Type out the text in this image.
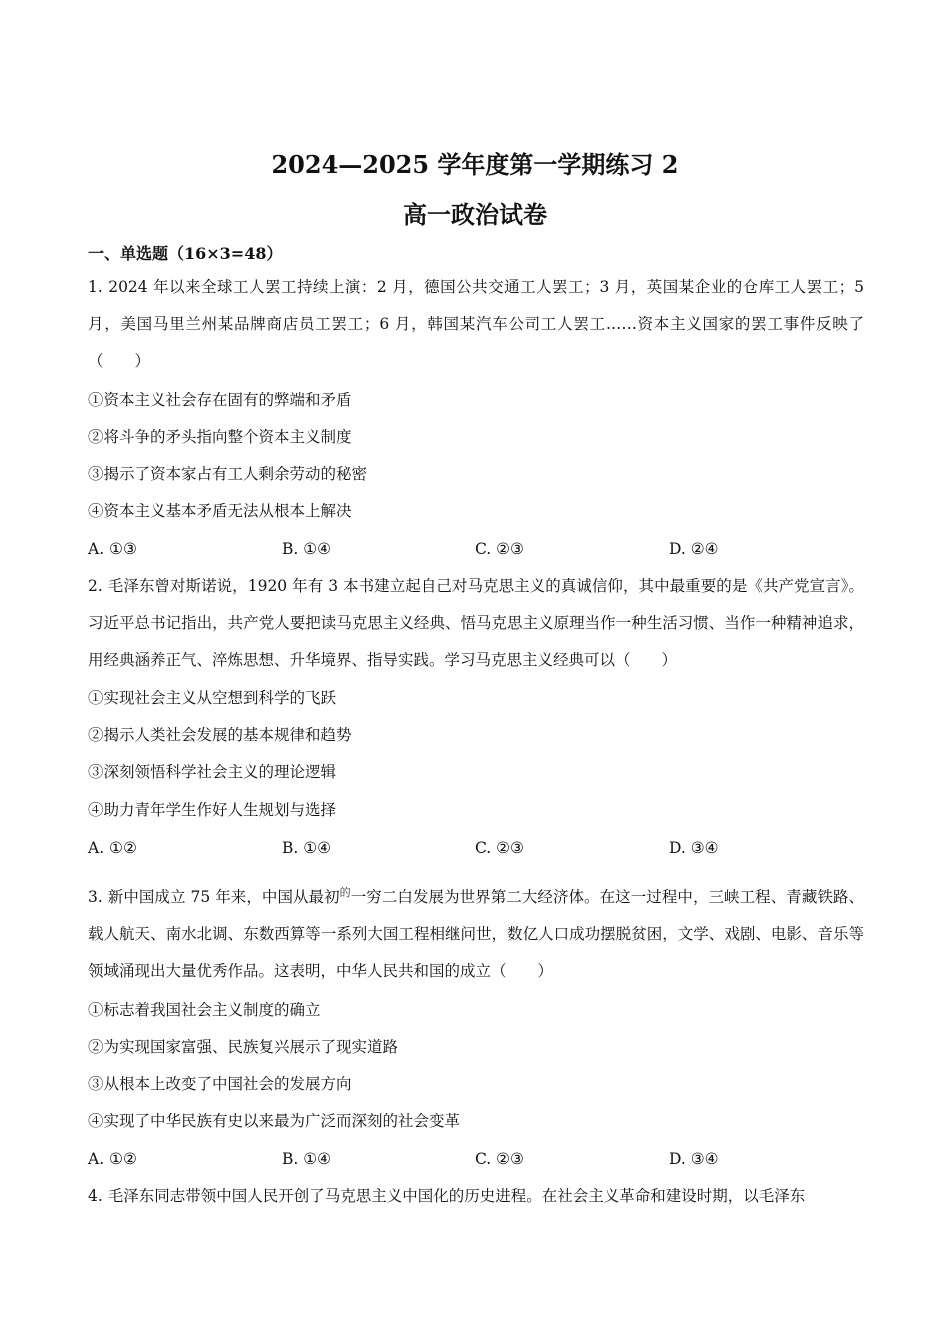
2024—2025 学年度第一学期练习 2
高一政治试卷
一、单选题（16×3=48）
1. 2024 年以来全球工人罢工持续上演：2 月，德国公共交通工人罢工；3 月，英国某企业的仓库工人罢工；5 月，美国马里兰州某品牌商店员工罢工；6 月，韩国某汽车公司工人罢工……资本主义国家的罢工事件反映了（　　）
①资本主义社会存在固有的弊端和矛盾
②将斗争的矛头指向整个资本主义制度
③揭示了资本家占有工人剩余劳动的秘密
④资本主义基本矛盾无法从根本上解决
A. ①③	B. ①④	C. ②③	D. ②④
2. 毛泽东曾对斯诺说，1920 年有 3 本书建立起自己对马克思主义的真诚信仰，其中最重要的是《共产党宣言》。习近平总书记指出，共产党人要把读马克思主义经典、悟马克思主义原理当作一种生活习惯、当作一种精神追求，用经典涵养正气、淬炼思想、升华境界、指导实践。学习马克思主义经典可以（　　）
①实现社会主义从空想到科学的飞跃
②揭示人类社会发展的基本规律和趋势
③深刻领悟科学社会主义的理论逻辑
④助力青年学生作好人生规划与选择
A. ①②	B. ①④	C. ②③	D. ③④
3. 新中国成立 75 年来，中国从最初$^的$一穷二白发展为世界第二大经济体。在这一过程中，三峡工程、青藏铁路、载人航天、南水北调、东数西算等一系列大国工程相继问世，数亿人口成功摆脱贫困，文学、戏剧、电影、音乐等领域涌现出大量优秀作品。这表明，中华人民共和国的成立（　　）
①标志着我国社会主义制度的确立
②为实现国家富强、民族复兴展示了现实道路
③从根本上改变了中国社会的发展方向
④实现了中华民族有史以来最为广泛而深刻的社会变革
A. ①②	B. ①④	C. ②③	D. ③④
4. 毛泽东同志带领中国人民开创了马克思主义中国化的历史进程。在社会主义革命和建设时期，以毛泽东
